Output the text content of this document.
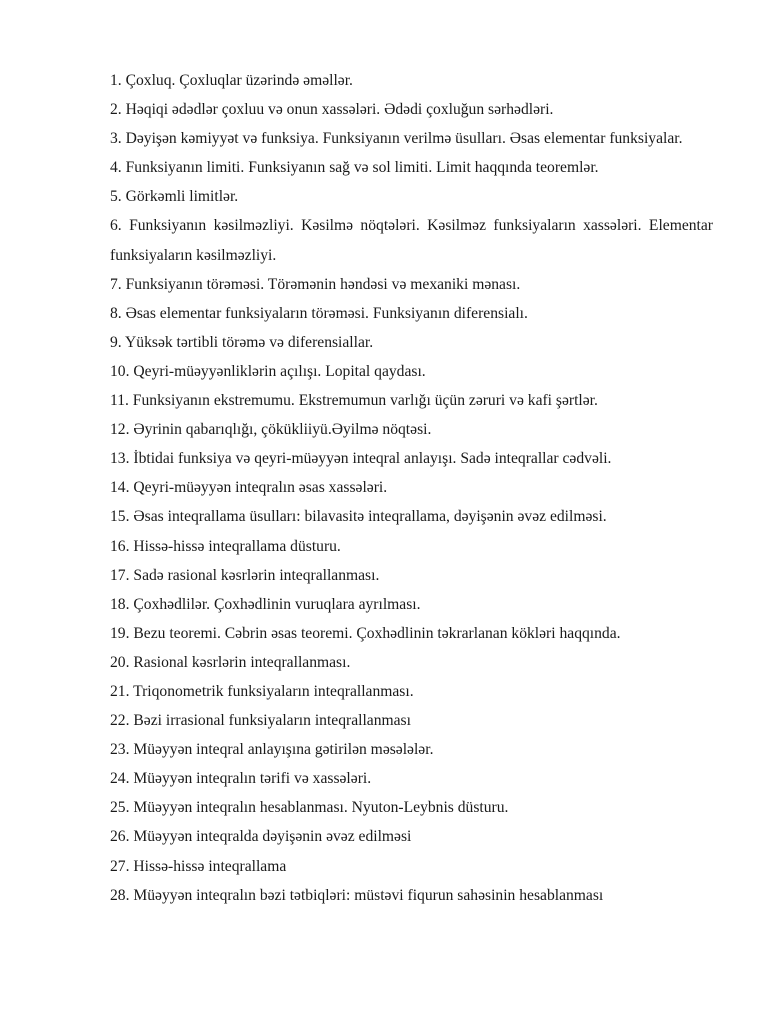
1. Çoxluq. Çoxluqlar üzərində əməllər.
2. Həqiqi ədədlər çoxluu və onun xassələri. Ədədi çoxluğun sərhədləri.
3. Dəyişən kəmiyyət və funksiya. Funksiyanın verilmə üsulları. Əsas elementar funksiyalar.
4. Funksiyanın limiti. Funksiyanın sağ və sol limiti. Limit haqqında teoremlər.
5. Görkəmli limitlər.
6. Funksiyanın kəsilməzliyi. Kəsilmə nöqtələri. Kəsilməz funksiyaların xassələri. Elementar funksiyaların kəsilməzliyi.
7. Funksiyanın törəməsi. Törəmənin həndəsi və mexaniki mənası.
8. Əsas elementar funksiyaların törəməsi. Funksiyanın diferensialı.
9. Yüksək tərtibli törəmə və diferensiallar.
10. Qeyri-müəyyənliklərin açılışı. Lopital qaydası.
11. Funksiyanın ekstremumu. Ekstremumun varlığı üçün zəruri və kafi şərtlər.
12. Əyrinin qabarıqlığı, çökükliiyü.Əyilmə nöqtəsi.
13. İbtidai funksiya və qeyri-müəyyən inteqral anlayışı. Sadə inteqrallar cədvəli.
14. Qeyri-müəyyən inteqralın əsas xassələri.
15. Əsas inteqrallama üsulları: bilavasitə inteqrallama, dəyişənin əvəz edilməsi.
16. Hissə-hissə inteqrallama düsturu.
17. Sadə rasional kəsrlərin inteqrallanması.
18. Çoxhədlilər. Çoxhədlinin vuruqlara ayrılması.
19. Bezu teoremi. Cəbrin əsas teoremi. Çoxhədlinin təkrarlanan kökləri haqqında.
20. Rasional kəsrlərin inteqrallanması.
21. Triqonometrik funksiyaların inteqrallanması.
22. Bəzi irrasional funksiyaların inteqrallanması
23. Müəyyən inteqral anlayışına gətirilən məsələlər.
24. Müəyyən inteqralın tərifi və xassələri.
25. Müəyyən inteqralın hesablanması. Nyuton-Leybnis düsturu.
26. Müəyyən inteqralda dəyişənin əvəz edilməsi
27. Hissə-hissə inteqrallama
28. Müəyyən inteqralın bəzi tətbiqləri: müstəvi fiqurun sahəsinin hesablanması
